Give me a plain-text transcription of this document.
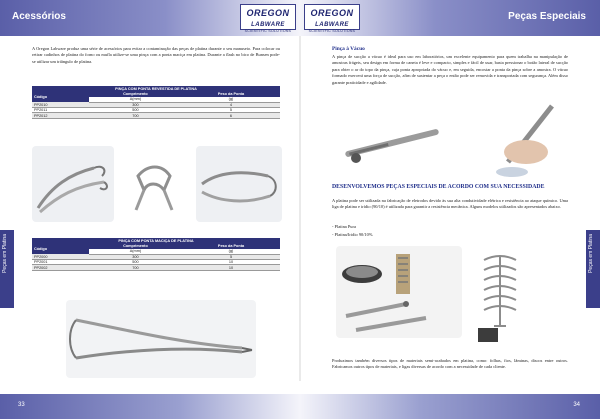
Acessórios	Peças Especiais
OREGON LABWARE
SCIENTIFIC SOLUTIONS
OREGON LABWARE
SCIENTIFIC SOLUTIONS
Peças em Platina	Peças em Platina
A Oregon Labware produz uma série de acessórios para evitar a contaminação das peças de platina durante o seu manuseio. Para colocar ou retirar cadinhos de platina do forno ou mufla utilize-se uma pinça com a ponta maciça em platina. Durante a flash no bico de Bunsen pode-se utilizar um triângulo de platina.
PINÇA COM PONTA REVESTIDA DE PLATINA		
Código	Comprimento	Peso da Ponta
	A(mm)	(g)
PP2010	300	4
PP2011	500	5
PP2012	700	6
PINÇA COM PONTA MACIÇA DE PLATINA		
Código	Comprimento	Peso da Ponta
	A(mm)	(g)
PP2000	300	5
PP2001	500	10
PP2002	700	10
Pinça à Vácuo
A pinça de sucção a vácuo é ideal para uso em laboratórios, um excelente equipamento para quem trabalha na manipulação de amostras frágeis, seu design em forma de caneta é leve e compacto, simples e fácil de usar, basta pressionar o botão lateral de sucção para obter o ar do topo da pinça, cuja ponta apropriada do vácuo e, em seguida, encostar a ponta da pinça sobre a amostra. O vácuo formado exercerá uma força de sucção, afim de sustentar a peça o então pode ser removida e transportada com segurança. Além disso garante praticidade e agilidade.
DESENVOLVEMOS PEÇAS ESPECIAIS DE ACORDO COM SUA NECESSIDADE
A platina pode ser utilizada na fabricação de eletrodos devido às sua alta condutividade elétrica e resistência ao ataque químico. Uma liga de platina e irídio (90/10) é utilizada para garantir a resistência mecânica. Alguns modelos utilizados são apresentados abaixo.
- Platina Pura
- Platina/Iridio 90/10%
Produzimos também diversos tipos de materiais semi-acabados em platina, como: folhas, fios, lâminas, discos entre outros. Fabricamos outros tipos de materiais, e ligas diversas de acordo com a necessidade de cada cliente.
33	34
